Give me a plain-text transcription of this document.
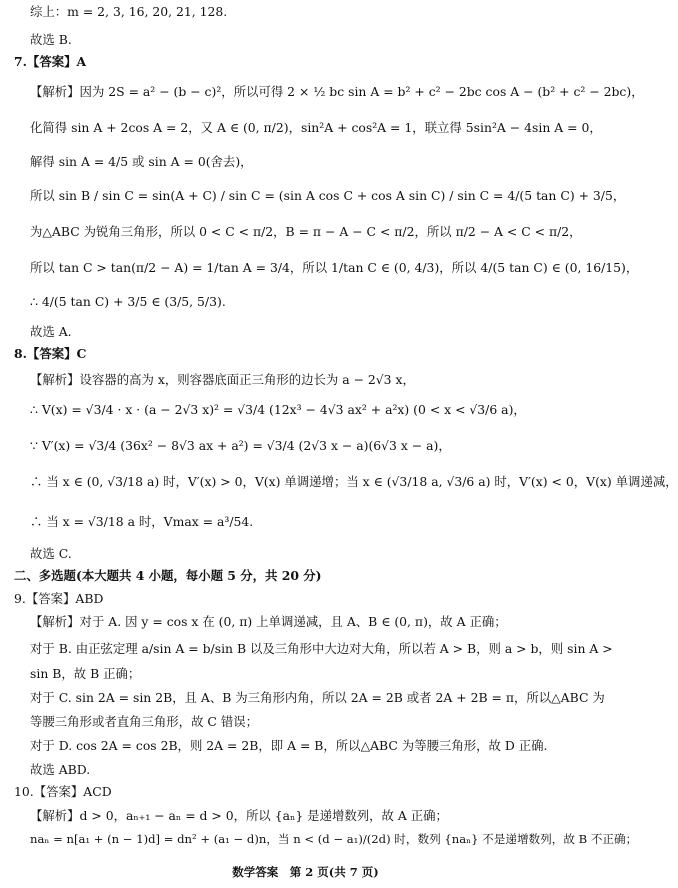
综上：m = 2, 3, 16, 20, 21, 128.
故选 B.
7.【答案】A
【解析】因为 2S = a² − (b − c)²，所以可得 2 × ½ bc sin A = b² + c² − 2bc cos A − (b² + c² − 2bc)，
化简得 sin A + 2cos A = 2，又 A ∈ (0, π/2)，sin²A + cos²A = 1，联立得 5sin²A − 4sin A = 0，
解得 sin A = 4/5 或 sin A = 0(舍去)，
所以 sin B / sin C = sin(A + C) / sin C = (sin A cos C + cos A sin C) / sin C = 4/(5 tan C) + 3/5，
为△ABC 为锐角三角形，所以 0 < C < π/2，B = π − A − C < π/2，所以 π/2 − A < C < π/2，
所以 tan C > tan(π/2 − A) = 1/tan A = 3/4，所以 1/tan C ∈ (0, 4/3)，所以 4/(5 tan C) ∈ (0, 16/15)，
∴ 4/(5 tan C) + 3/5 ∈ (3/5, 5/3).
故选 A.
8.【答案】C
【解析】设容器的高为 x，则容器底面正三角形的边长为 a − 2√3 x，
∴ V(x) = √3/4 · x · (a − 2√3 x)² = √3/4 (12x³ − 4√3 ax² + a²x) (0 < x < √3/6 a)，
∵ V′(x) = √3/4 (36x² − 8√3 ax + a²) = √3/4 (2√3 x − a)(6√3 x − a)，
∴ 当 x ∈ (0, √3/18 a) 时，V′(x) > 0，V(x) 单调递增；当 x ∈ (√3/18 a, √3/6 a) 时，V′(x) < 0，V(x) 单调递减，
∴ 当 x = √3/18 a 时，Vmax = a³/54.
故选 C.
二、多选题(本大题共 4 小题，每小题 5 分，共 20 分)
9.【答案】ABD
【解析】对于 A. 因 y = cos x 在 (0, π) 上单调递减，且 A、B ∈ (0, π)，故 A 正确；
对于 B. 由正弦定理 a/sin A = b/sin B 以及三角形中大边对大角，所以若 A > B，则 a > b，则 sin A >
sin B，故 B 正确；
对于 C. sin 2A = sin 2B，且 A、B 为三角形内角，所以 2A = 2B 或者 2A + 2B = π，所以△ABC 为
等腰三角形或者直角三角形，故 C 错误；
对于 D. cos 2A = cos 2B，则 2A = 2B，即 A = B，所以△ABC 为等腰三角形，故 D 正确.
故选 ABD.
10.【答案】ACD
【解析】d > 0，aₙ₊₁ − aₙ = d > 0，所以 {aₙ} 是递增数列，故 A 正确；
naₙ = n[a₁ + (n − 1)d] = dn² + (a₁ − d)n，当 n < (d − a₁)/(2d) 时，数列 {naₙ} 不是递增数列，故 B 不正确；
数学答案　第 2 页(共 7 页)
